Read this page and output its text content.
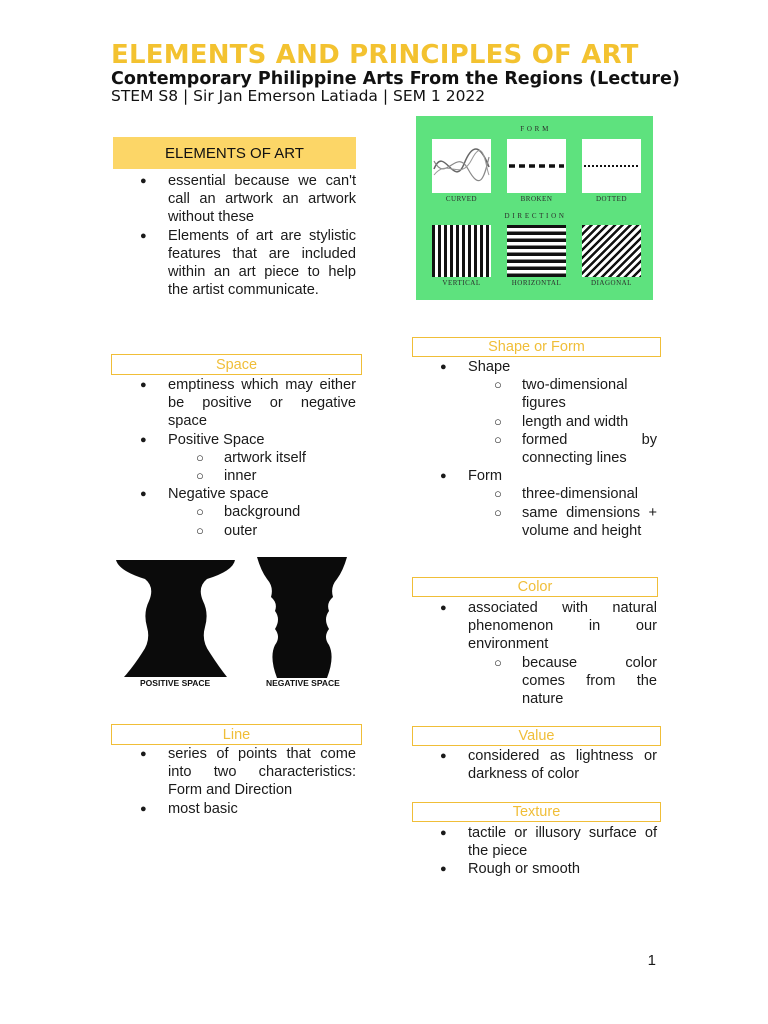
ELEMENTS AND PRINCIPLES OF ART
Contemporary Philippine Arts From the Regions (Lecture)
STEM S8 | Sir Jan Emerson Latiada | SEM 1 2022
ELEMENTS OF ART
● essential because we can't call an artwork an artwork without these
● Elements of art are stylistic features that are included within an art piece to help the artist communicate.
Space
● emptiness which may either be positive or negative space
● Positive Space
○ artwork itself
○ inner
● Negative space
○ background
○ outer
POSITIVE SPACE	NEGATIVE SPACE
Line
● series of points that come into two characteristics: Form and Direction
● most basic
F O R M
CURVED	BROKEN	DOTTED
D I R E C T I O N
VERTICAL	HORIZONTAL	DIAGONAL
Shape or Form
● Shape
○ two-dimensional figures
○ length and width
○ formed by connecting lines
● Form
○ three-dimensional
○ same dimensions + volume and height
Color
● associated with natural phenomenon in our environment
○ because color comes from the nature
Value
● considered as lightness or darkness of color
Texture
● tactile or illusory surface of the piece
● Rough or smooth
1
